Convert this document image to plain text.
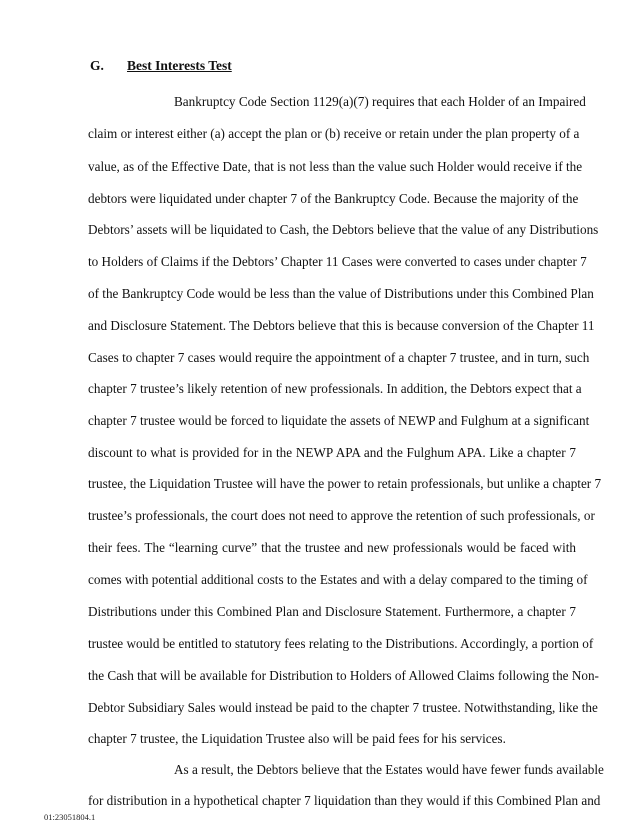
G. Best Interests Test
Bankruptcy Code Section 1129(a)(7) requires that each Holder of an Impaired
claim or interest either (a) accept the plan or (b) receive or retain under the plan property of a
value, as of the Effective Date, that is not less than the value such Holder would receive if the
debtors were liquidated under chapter 7 of the Bankruptcy Code. Because the majority of the
Debtors’ assets will be liquidated to Cash, the Debtors believe that the value of any Distributions
to Holders of Claims if the Debtors’ Chapter 11 Cases were converted to cases under chapter 7
of the Bankruptcy Code would be less than the value of Distributions under this Combined Plan
and Disclosure Statement. The Debtors believe that this is because conversion of the Chapter 11
Cases to chapter 7 cases would require the appointment of a chapter 7 trustee, and in turn, such
chapter 7 trustee’s likely retention of new professionals. In addition, the Debtors expect that a
chapter 7 trustee would be forced to liquidate the assets of NEWP and Fulghum at a significant
discount to what is provided for in the NEWP APA and the Fulghum APA. Like a chapter 7
trustee, the Liquidation Trustee will have the power to retain professionals, but unlike a chapter 7
trustee’s professionals, the court does not need to approve the retention of such professionals, or
their fees. The “learning curve” that the trustee and new professionals would be faced with
comes with potential additional costs to the Estates and with a delay compared to the timing of
Distributions under this Combined Plan and Disclosure Statement. Furthermore, a chapter 7
trustee would be entitled to statutory fees relating to the Distributions. Accordingly, a portion of
the Cash that will be available for Distribution to Holders of Allowed Claims following the Non-
Debtor Subsidiary Sales would instead be paid to the chapter 7 trustee. Notwithstanding, like the
chapter 7 trustee, the Liquidation Trustee also will be paid fees for his services.
As a result, the Debtors believe that the Estates would have fewer funds available
for distribution in a hypothetical chapter 7 liquidation than they would if this Combined Plan and
01:23051804.1
